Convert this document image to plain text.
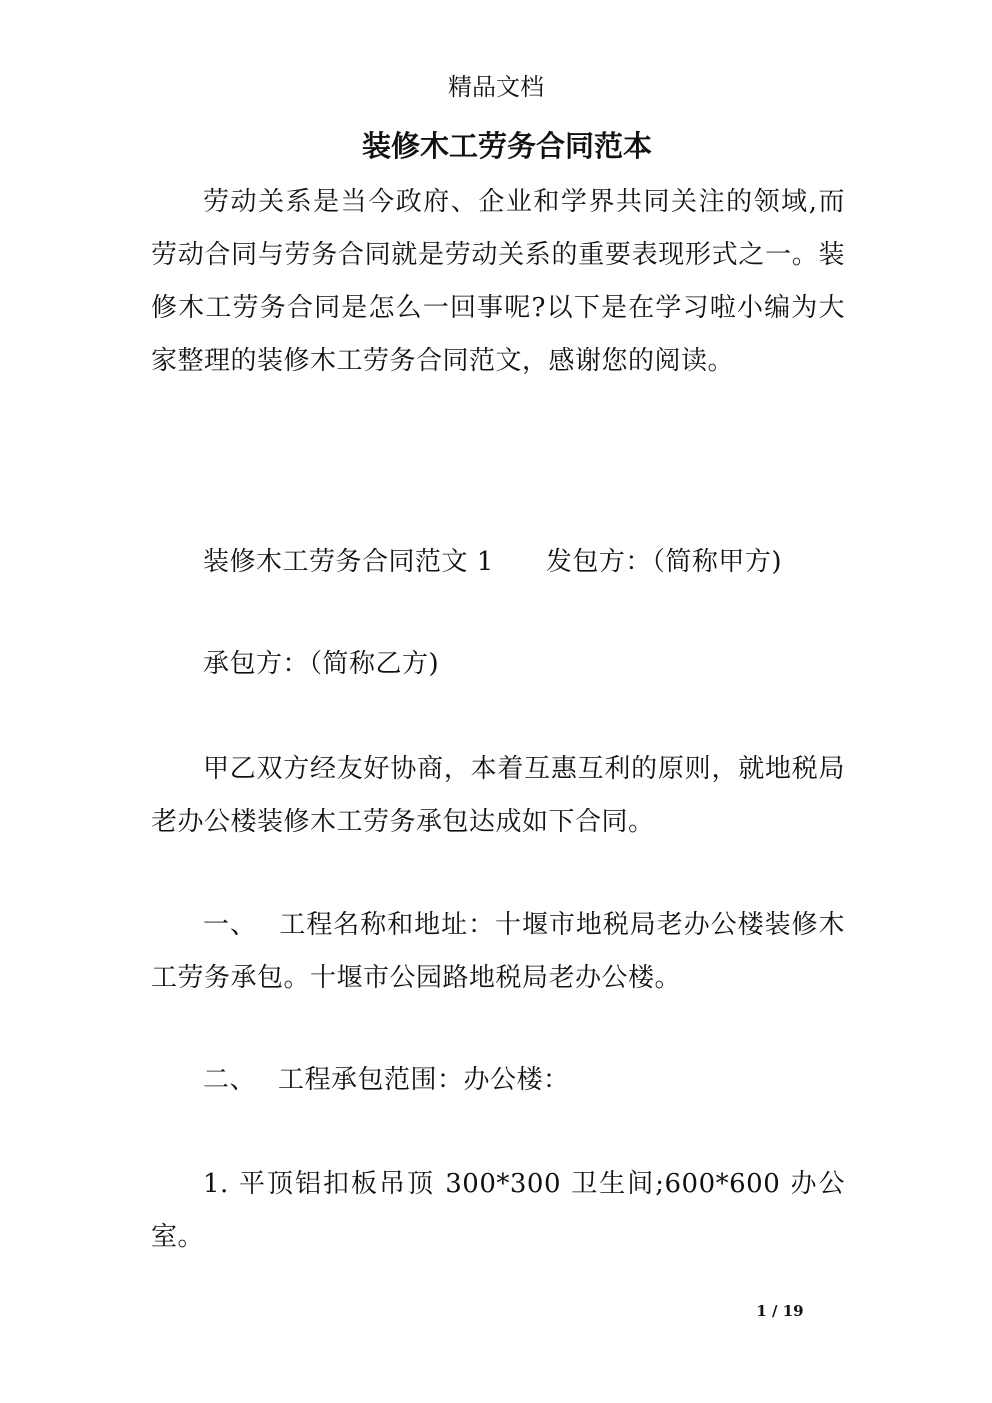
精品文档
装修木工劳务合同范本

劳动关系是当今政府、企业和学界共同关注的领域,而劳动合同与劳务合同就是劳动关系的重要表现形式之一。装修木工劳务合同是怎么一回事呢?以下是在学习啦小编为大家整理的装修木工劳务合同范文，感谢您的阅读。

装修木工劳务合同范文 1 发包方：（简称甲方)

承包方：（简称乙方)

甲乙双方经友好协商，本着互惠互利的原则，就地税局老办公楼装修木工劳务承包达成如下合同。

一、 工程名称和地址：十堰市地税局老办公楼装修木工劳务承包。十堰市公园路地税局老办公楼。

二、 工程承包范围：办公楼：

1. 平顶铝扣板吊顶 300*300 卫生间;600*600 办公室。

1 / 19
